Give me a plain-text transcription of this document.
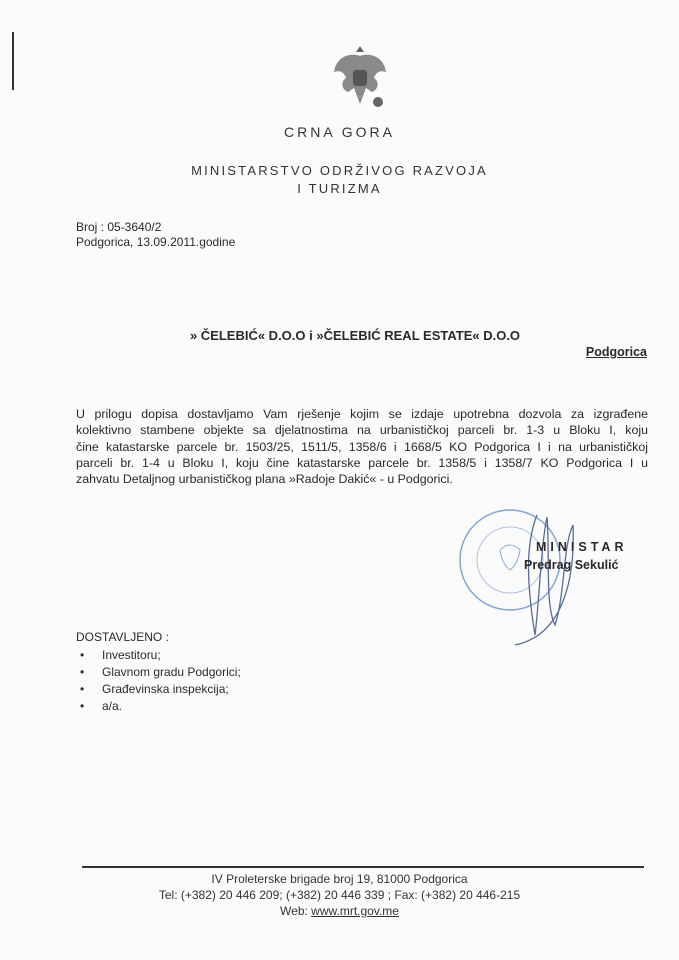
CRNA GORA
MINISTARSTVO ODRŽIVOG RAZVOJA
I TURIZMA
Broj : 05-3640/2
Podgorica, 13.09.2011.godine
» ČELEBIĆ« D.O.O i »ČELEBIĆ REAL ESTATE« D.O.O
Podgorica
U prilogu dopisa dostavljamo Vam rješenje kojim se izdaje upotrebna dozvola za izgrađene
kolektivno stambene objekte sa djelatnostima na urbanističkoj parceli br. 1-3 u Bloku I, koju
čine katastarske parcele br. 1503/25, 1511/5, 1358/6 i 1668/5 KO Podgorica I i na urbanističkoj
parceli br. 1-4 u Bloku I, koju čine katastarske parcele br. 1358/5 i 1358/7 KO Podgorica I u
zahvatu Detaljnog urbanističkog plana »Radoje Dakić« - u Podgorici.
MINISTAR
Predrag Sekulić
DOSTAVLJENO :
• Investitoru;
• Glavnom gradu Podgorici;
• Građevinska inspekcija;
• a/a.
IV Proleterske brigade broj 19, 81000 Podgorica
Tel: (+382) 20 446 209; (+382) 20 446 339 ; Fax: (+382) 20 446-215
Web: www.mrt.gov.me
